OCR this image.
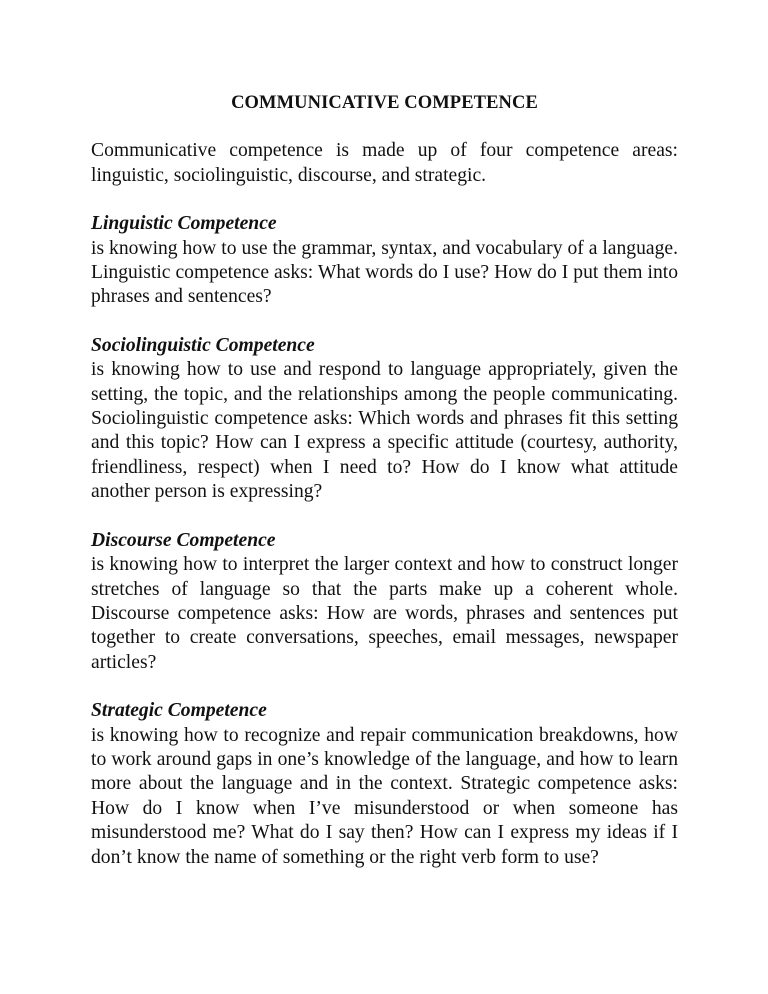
COMMUNICATIVE COMPETENCE

Communicative competence is made up of four competence areas: linguistic, sociolinguistic, discourse, and strategic.

Linguistic Competence

is knowing how to use the grammar, syntax, and vocabulary of a language. Linguistic competence asks: What words do I use? How do I put them into phrases and sentences?

Sociolinguistic Competence

is knowing how to use and respond to language appropriately, given the setting, the topic, and the relationships among the people communicating. Sociolinguistic competence asks: Which words and phrases fit this setting and this topic? How can I express a specific attitude (courtesy, authority, friendliness, respect) when I need to? How do I know what attitude another person is expressing?

Discourse Competence

is knowing how to interpret the larger context and how to construct longer stretches of language so that the parts make up a coherent whole. Discourse competence asks: How are words, phrases and sentences put together to create conversations, speeches, email messages, newspaper articles?

Strategic Competence

is knowing how to recognize and repair communication breakdowns, how to work around gaps in one’s knowledge of the language, and how to learn more about the language and in the context. Strategic competence asks: How do I know when I’ve misunderstood or when someone has misunderstood me? What do I say then? How can I express my ideas if I don’t know the name of something or the right verb form to use?
